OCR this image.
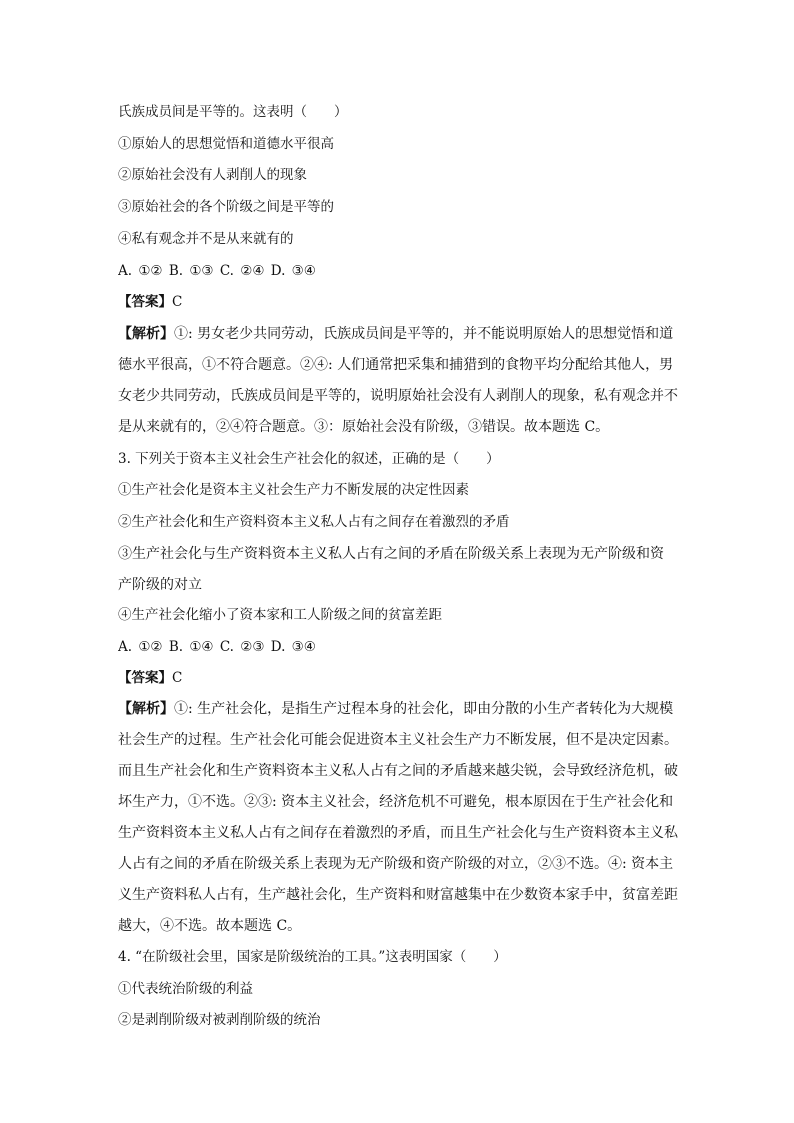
氏族成员间是平等的。这表明（　　）
①原始人的思想觉悟和道德水平很高
②原始社会没有人剥削人的现象
③原始社会的各个阶级之间是平等的
④私有观念并不是从来就有的
A. ①② B. ①③ C. ②④ D. ③④
【答案】C
【解析】①: 男女老少共同劳动，氏族成员间是平等的，并不能说明原始人的思想觉悟和道
德水平很高，①不符合题意。②④: 人们通常把采集和捕猎到的食物平均分配给其他人，男
女老少共同劳动，氏族成员间是平等的，说明原始社会没有人剥削人的现象，私有观念并不
是从来就有的，②④符合题意。③：原始社会没有阶级，③错误。故本题选 C。
3. 下列关于资本主义社会生产社会化的叙述，正确的是（　　）
①生产社会化是资本主义社会生产力不断发展的决定性因素
②生产社会化和生产资料资本主义私人占有之间存在着激烈的矛盾
③生产社会化与生产资料资本主义私人占有之间的矛盾在阶级关系上表现为无产阶级和资
产阶级的对立
④生产社会化缩小了资本家和工人阶级之间的贫富差距
A. ①② B. ①④ C. ②③ D. ③④
【答案】C
【解析】①: 生产社会化，是指生产过程本身的社会化，即由分散的小生产者转化为大规模
社会生产的过程。生产社会化可能会促进资本主义社会生产力不断发展，但不是决定因素。
而且生产社会化和生产资料资本主义私人占有之间的矛盾越来越尖锐，会导致经济危机，破
坏生产力，①不选。②③: 资本主义社会，经济危机不可避免，根本原因在于生产社会化和
生产资料资本主义私人占有之间存在着激烈的矛盾，而且生产社会化与生产资料资本主义私
人占有之间的矛盾在阶级关系上表现为无产阶级和资产阶级的对立，②③不选。④: 资本主
义生产资料私人占有，生产越社会化，生产资料和财富越集中在少数资本家手中，贫富差距
越大，④不选。故本题选 C。
4. “在阶级社会里，国家是阶级统治的工具。”这表明国家（　　）
①代表统治阶级的利益
②是剥削阶级对被剥削阶级的统治
